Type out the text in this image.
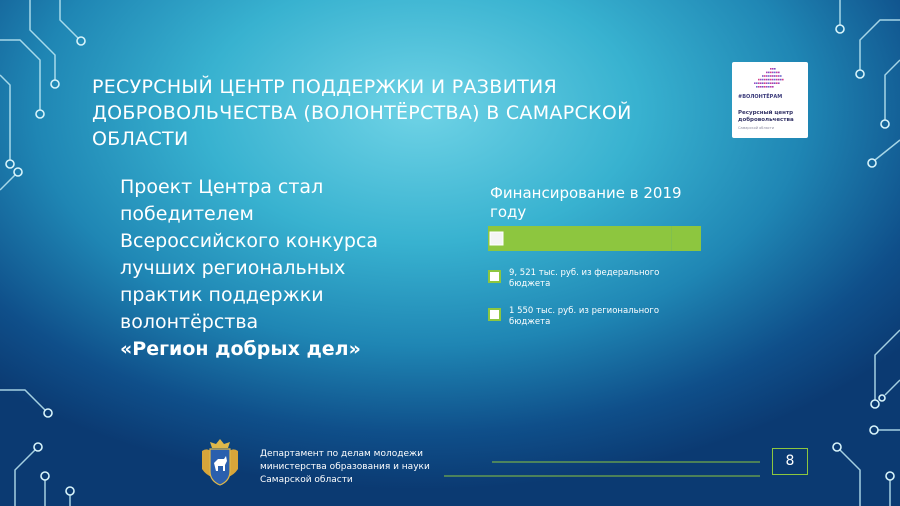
РЕСУРСНЫЙ ЦЕНТР ПОДДЕРЖКИ И РАЗВИТИЯ ДОБРОВОЛЬЧЕСТВА (ВОЛОНТЁРСТВА) В САМАРСКОЙ ОБЛАСТИ
#ВОЛОНТЁРАМ
Ресурсный центр добровольчества
Самарской области
Проект Центра стал
победителем
Всероссийского конкурса
лучших региональных
практик поддержки
волонтёрства
«Регион добрых дел»
Финансирование в 2019 году
9, 521 тыс. руб. из федерального бюджета
1 550 тыс. руб. из регионального бюджета
Департамент по делам молодежи
министерства образования и науки
Самарской области
8
